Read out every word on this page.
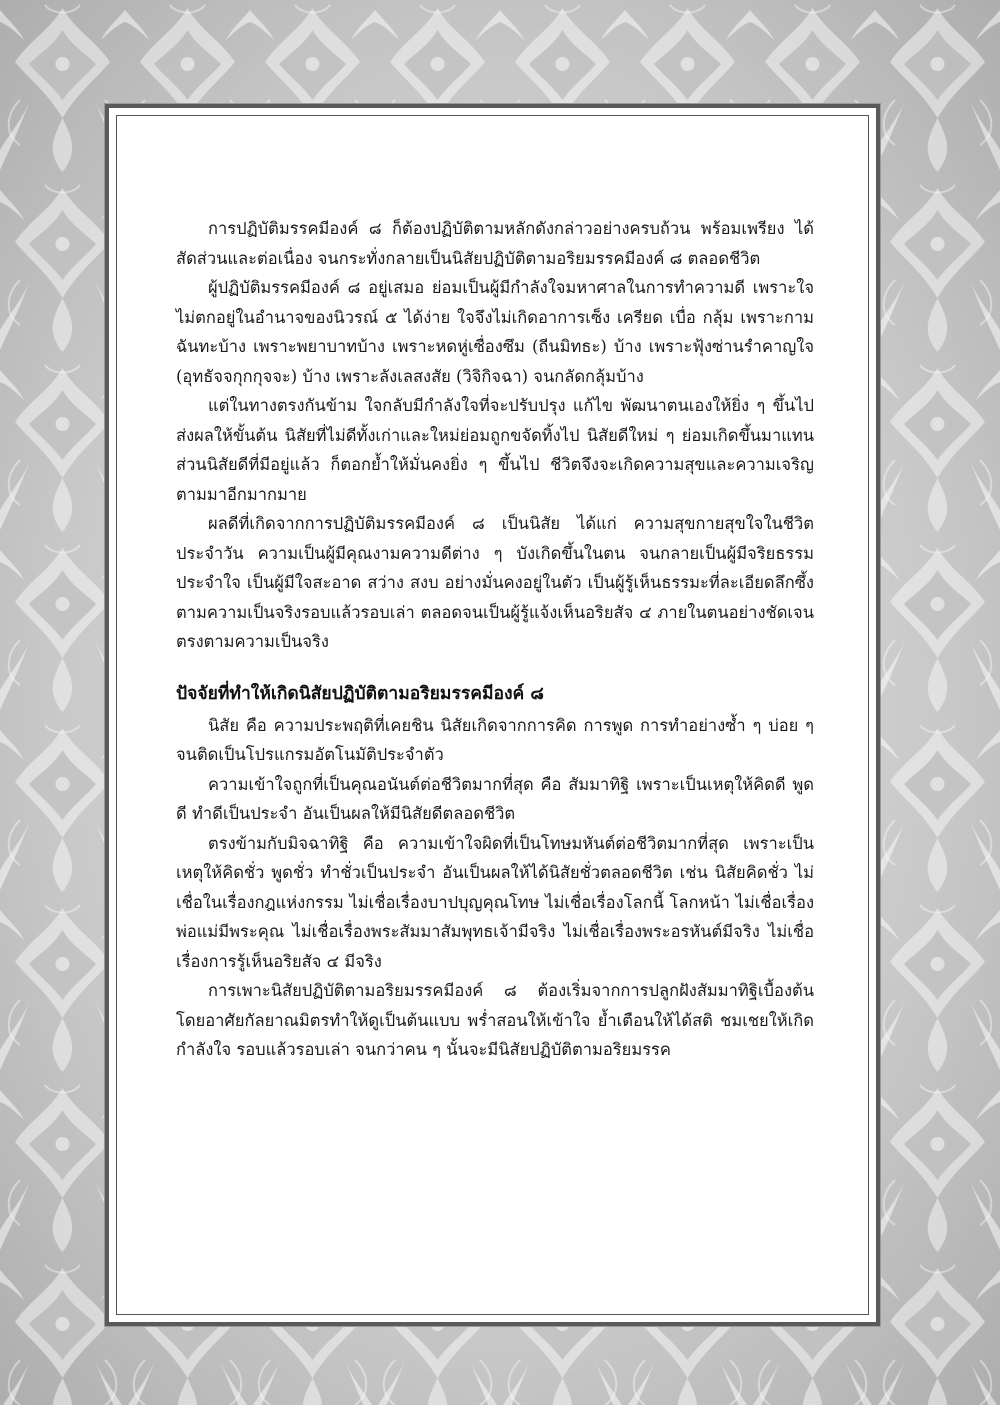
การปฏิบัติมรรคมีองค์ ๘ ก็ต้องปฏิบัติตามหลักดังกล่าวอย่างครบถ้วน พร้อมเพรียง ได้สัดส่วนและต่อเนื่อง จนกระทั่งกลายเป็นนิสัยปฏิบัติตามอริยมรรคมีองค์ ๘ ตลอดชีวิต

ผู้ปฏิบัติมรรคมีองค์ ๘ อยู่เสมอ ย่อมเป็นผู้มีกำลังใจมหาศาลในการทำความดี เพราะใจไม่ตกอยู่ในอำนาจของนิวรณ์ ๕ ได้ง่าย ใจจึงไม่เกิดอาการเซ็ง เครียด เบื่อ กลุ้ม เพราะกามฉันทะบ้าง เพราะพยาบาทบ้าง เพราะหดหู่เซื่องซึม (ถีนมิทธะ) บ้าง เพราะฟุ้งซ่านรำคาญใจ (อุทธัจจกุกกุจจะ) บ้าง เพราะลังเลสงสัย (วิจิกิจฉา) จนกลัดกลุ้มบ้าง

แต่ในทางตรงกันข้าม ใจกลับมีกำลังใจที่จะปรับปรุง แก้ไข พัฒนาตนเองให้ยิ่ง ๆ ขึ้นไป ส่งผลให้ขั้นต้น นิสัยที่ไม่ดีทั้งเก่าและใหม่ย่อมถูกขจัดทิ้งไป นิสัยดีใหม่ ๆ ย่อมเกิดขึ้นมาแทน ส่วนนิสัยดีที่มีอยู่แล้ว ก็ตอกย้ำให้มั่นคงยิ่ง ๆ ขึ้นไป ชีวิตจึงจะเกิดความสุขและความเจริญตามมาอีกมากมาย

ผลดีที่เกิดจากการปฏิบัติมรรคมีองค์ ๘ เป็นนิสัย ได้แก่ ความสุขกายสุขใจในชีวิตประจำวัน ความเป็นผู้มีคุณงามความดีต่าง ๆ บังเกิดขึ้นในตน จนกลายเป็นผู้มีจริยธรรมประจำใจ เป็นผู้มีใจสะอาด สว่าง สงบ อย่างมั่นคงอยู่ในตัว เป็นผู้รู้เห็นธรรมะที่ละเอียดลึกซึ้งตามความเป็นจริงรอบแล้วรอบเล่า ตลอดจนเป็นผู้รู้แจ้งเห็นอริยสัจ ๔ ภายในตนอย่างชัดเจน ตรงตามความเป็นจริง

ปัจจัยที่ทำให้เกิดนิสัยปฏิบัติตามอริยมรรคมีองค์ ๘

นิสัย คือ ความประพฤติที่เคยชิน นิสัยเกิดจากการคิด การพูด การทำอย่างซ้ำ ๆ บ่อย ๆ จนติดเป็นโปรแกรมอัตโนมัติประจำตัว

ความเข้าใจถูกที่เป็นคุณอนันต์ต่อชีวิตมากที่สุด คือ สัมมาทิฐิ เพราะเป็นเหตุให้คิดดี พูดดี ทำดีเป็นประจำ อันเป็นผลให้มีนิสัยดีตลอดชีวิต

ตรงข้ามกับมิจฉาทิฐิ คือ ความเข้าใจผิดที่เป็นโทษมหันต์ต่อชีวิตมากที่สุด เพราะเป็นเหตุให้คิดชั่ว พูดชั่ว ทำชั่วเป็นประจำ อันเป็นผลให้ได้นิสัยชั่วตลอดชีวิต เช่น นิสัยคิดชั่ว ไม่เชื่อในเรื่องกฎแห่งกรรม ไม่เชื่อเรื่องบาปบุญคุณโทษ ไม่เชื่อเรื่องโลกนี้ โลกหน้า ไม่เชื่อเรื่องพ่อแม่มีพระคุณ ไม่เชื่อเรื่องพระสัมมาสัมพุทธเจ้ามีจริง ไม่เชื่อเรื่องพระอรหันต์มีจริง ไม่เชื่อเรื่องการรู้เห็นอริยสัจ ๔ มีจริง

การเพาะนิสัยปฏิบัติตามอริยมรรคมีองค์ ๘ ต้องเริ่มจากการปลูกฝังสัมมาทิฐิเบื้องต้น โดยอาศัยกัลยาณมิตรทำให้ดูเป็นต้นแบบ พร่ำสอนให้เข้าใจ ย้ำเตือนให้ได้สติ ชมเชยให้เกิดกำลังใจ รอบแล้วรอบเล่า จนกว่าคน ๆ นั้นจะมีนิสัยปฏิบัติตามอริยมรรค
